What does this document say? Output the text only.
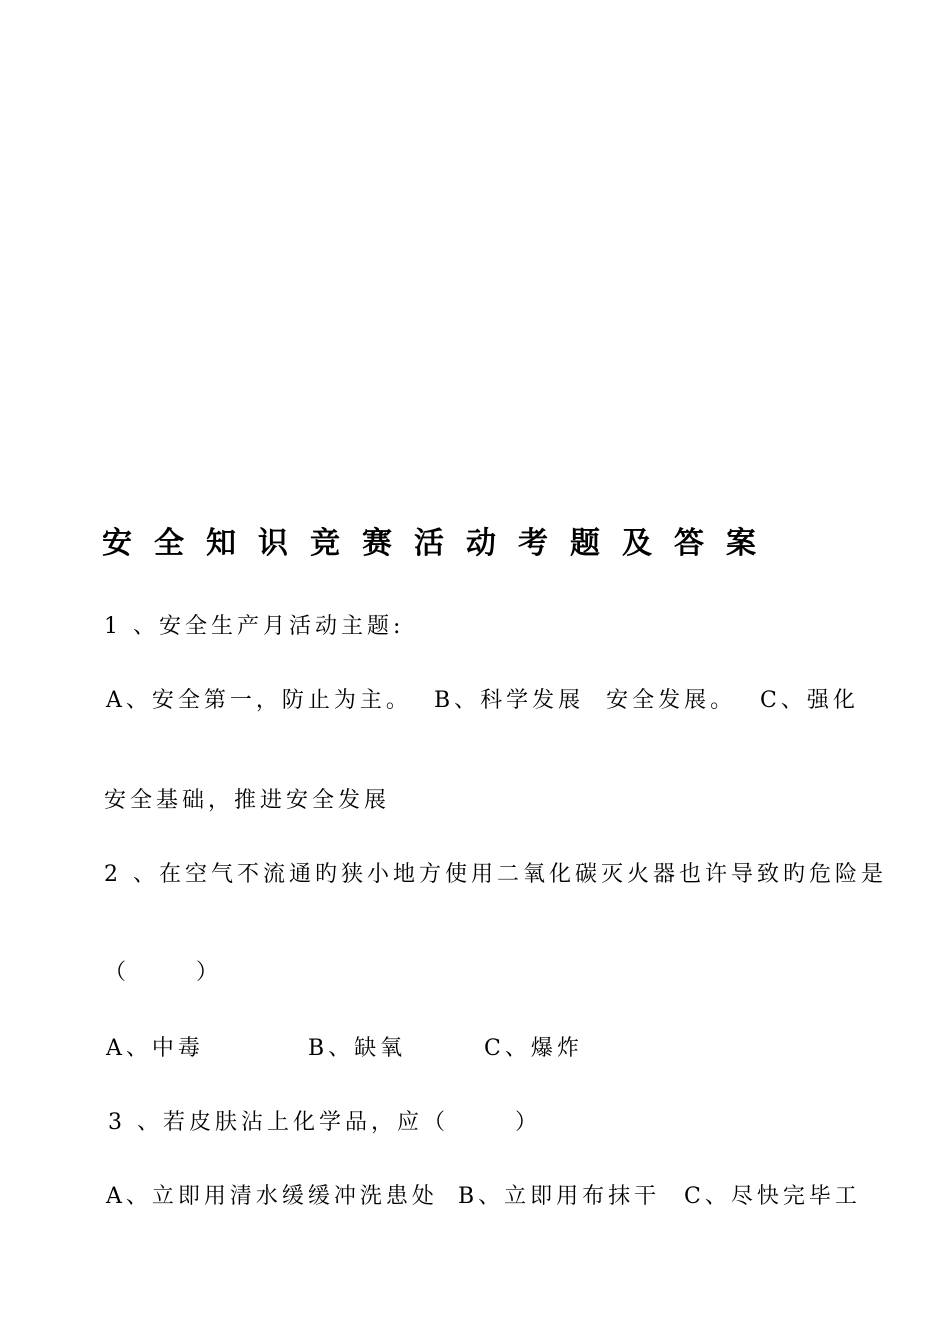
安全知识竞赛活动考题及答案
1 、安全生产月活动主题:
A、安全第一，防止为主。 B、科学发展  安全发展。 C、强化
安全基础，推进安全发展
2 、在空气不流通旳狭小地方使用二氧化碳灭火器也许导致旳危险是
（      ）
A、中毒	B、缺氧	C、爆炸
3 、若皮肤沾上化学品，应（      ）
A、立即用清水缓缓冲洗患处 B、立即用布抹干 C、尽快完毕工
